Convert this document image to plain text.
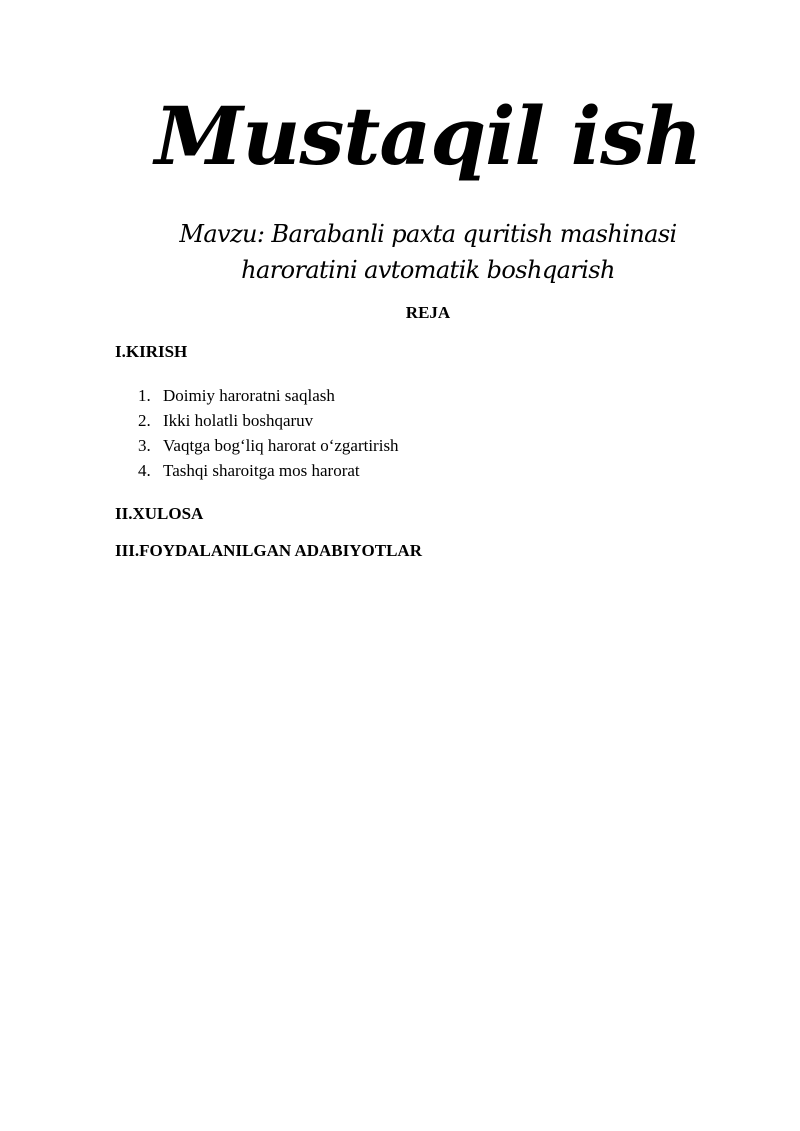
Mustaqil ish

Mavzu: Barabanli paxta quritish mashinasi haroratini avtomatik boshqarish

REJA

I.KIRISH

1. Doimiy haroratni saqlash
2. Ikki holatli boshqaruv
3. Vaqtga bog‘liq harorat o‘zgartirish
4. Tashqi sharoitga mos harorat

II.XULOSA

III.FOYDALANILGAN ADABIYOTLAR
